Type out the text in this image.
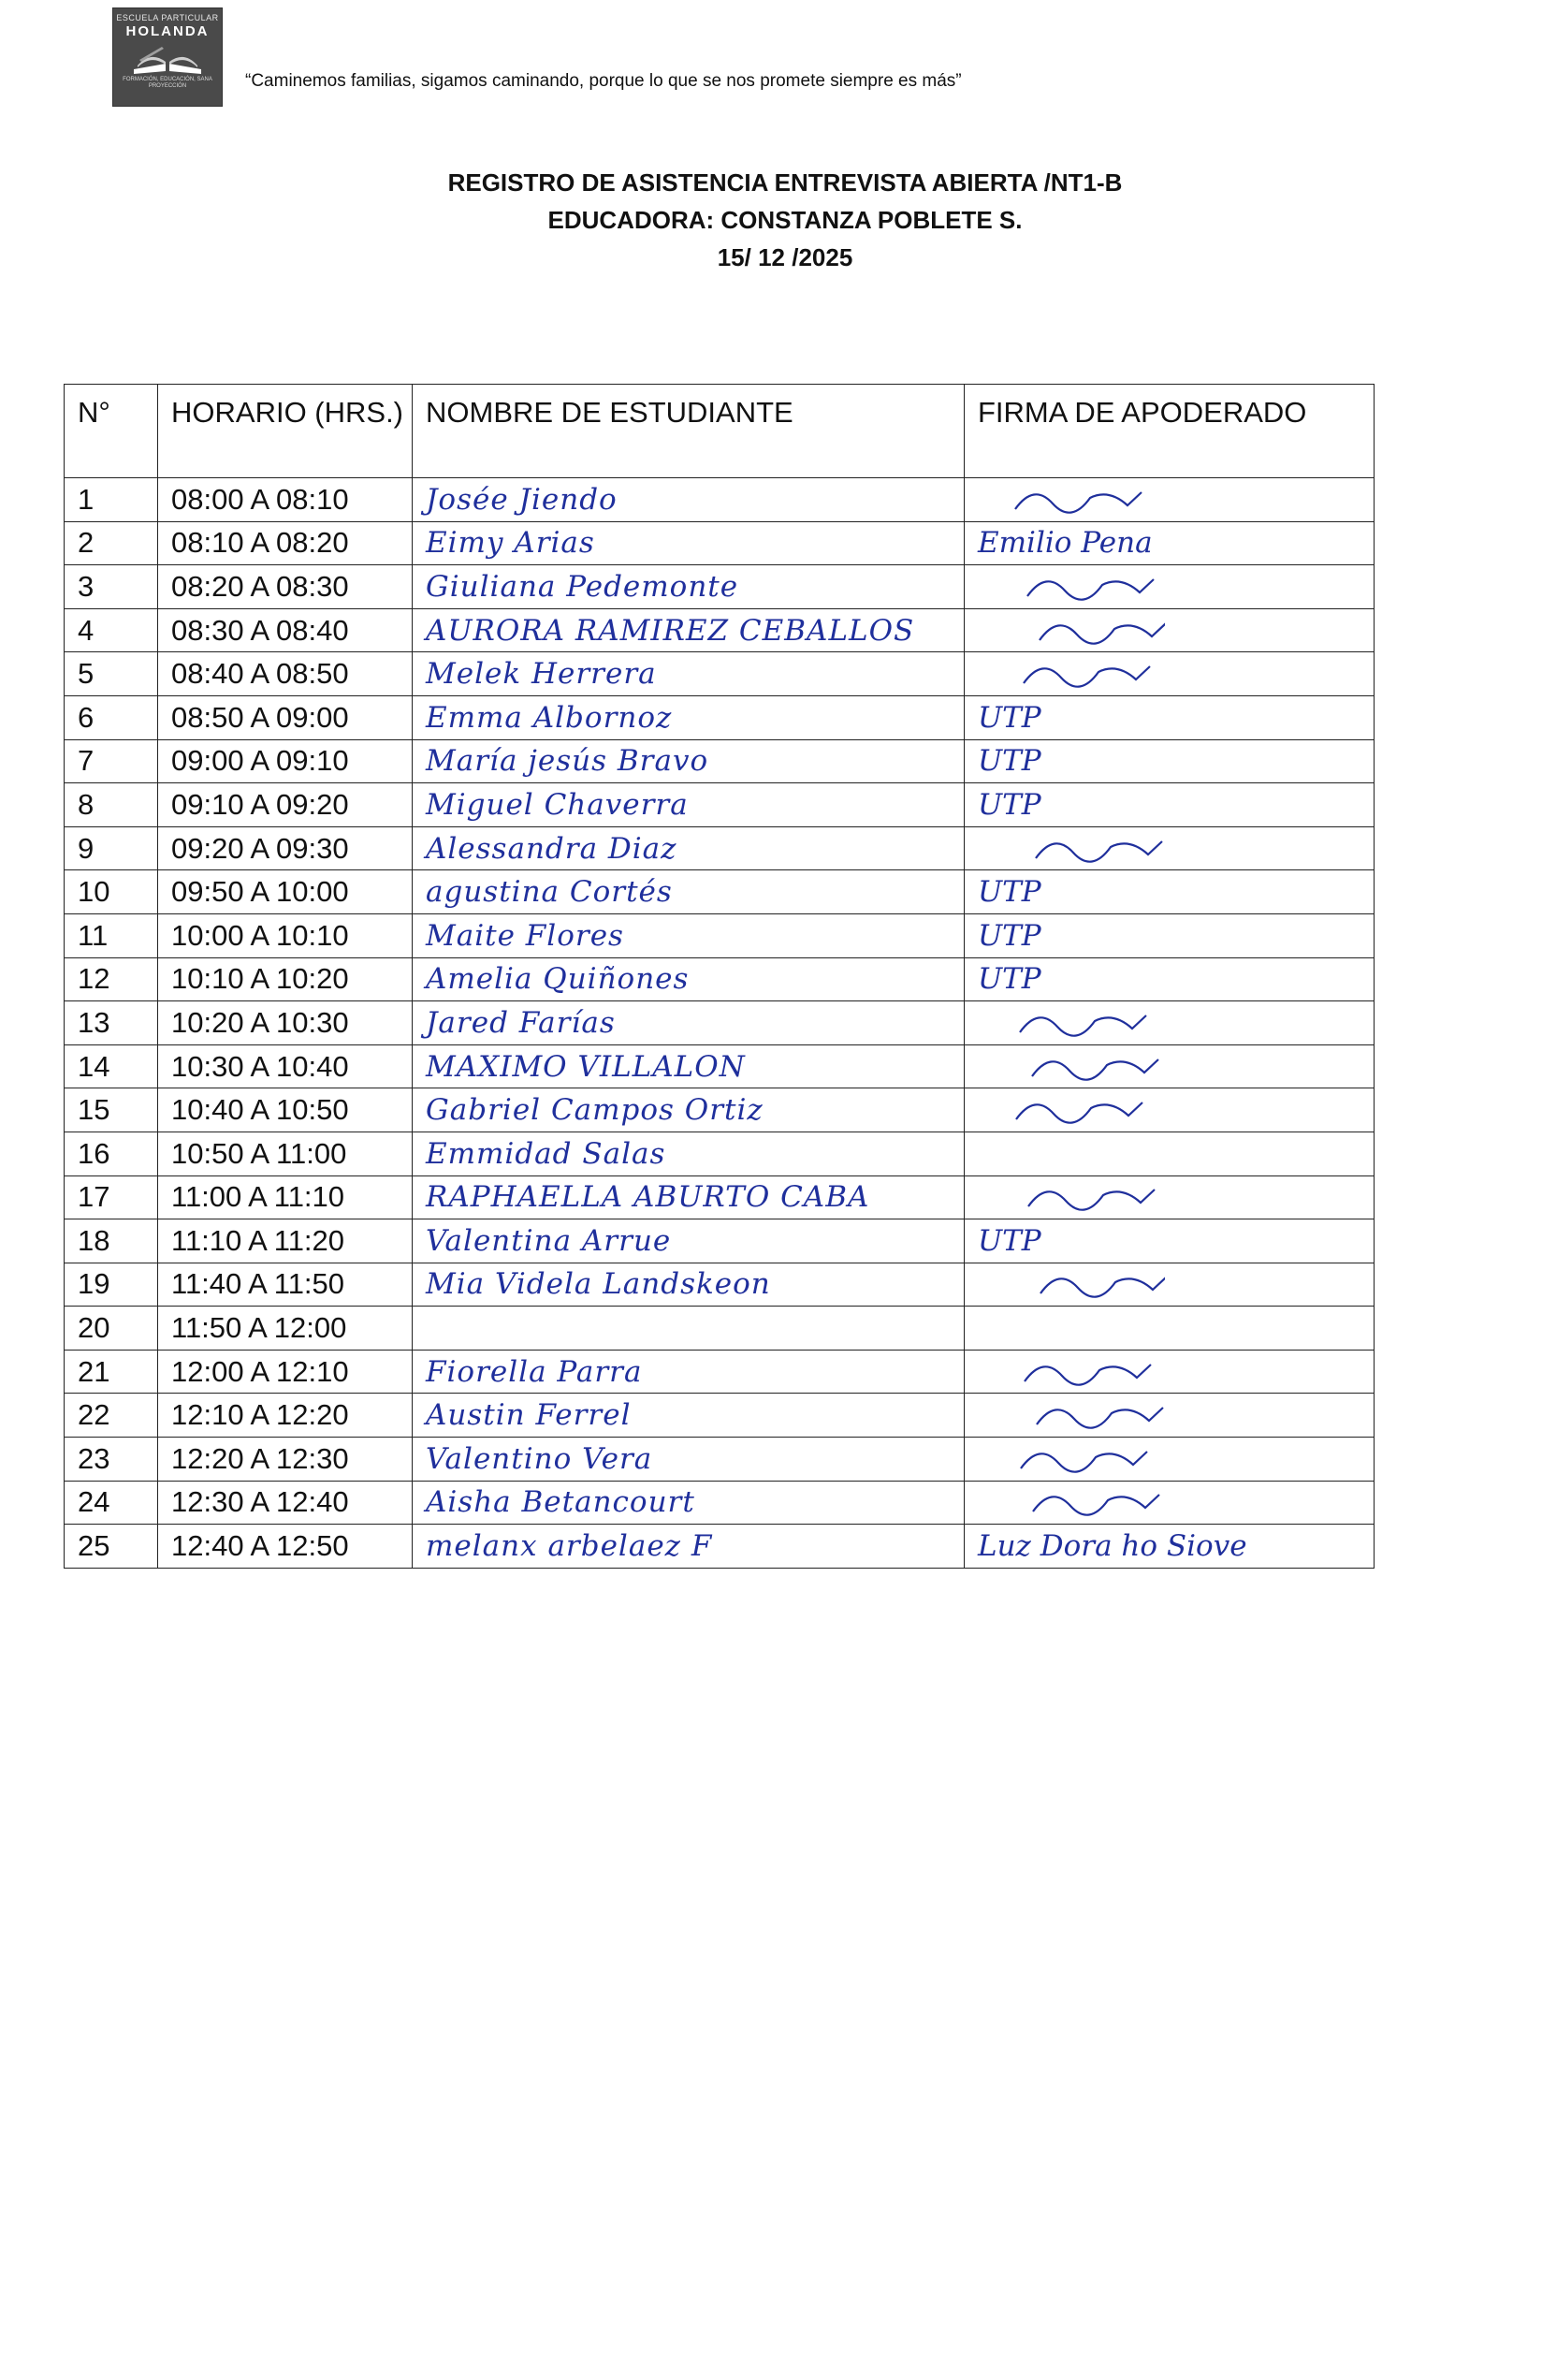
ESCUELA PARTICULAR
HOLANDA
FORMACIÓN, EDUCACIÓN, SANA PROYECCIÓN	“Caminemos familias, sigamos caminando, porque lo que se nos promete siempre es más”
REGISTRO DE ASISTENCIA ENTREVISTA ABIERTA /NT1-B
EDUCADORA: CONSTANZA POBLETE S.
15/ 12 /2025
N°	HORARIO (HRS.)	NOMBRE DE ESTUDIANTE	FIRMA DE APODERADO
1	08:00 A 08:10	Josée Jiendo	

2	08:10 A 08:20	Eimy Arias	Emilio Pena
3	08:20 A 08:30	Giuliana Pedemonte	

4	08:30 A 08:40	AURORA RAMIREZ CEBALLOS	

5	08:40 A 08:50	Melek Herrera	

6	08:50 A 09:00	Emma Albornoz	UTP
7	09:00 A 09:10	María jesús Bravo	UTP
8	09:10 A 09:20	Miguel Chaverra	UTP
9	09:20 A 09:30	Alessandra Diaz	

10	09:50 A 10:00	agustina Cortés	UTP
11	10:00 A 10:10	Maite Flores	UTP
12	10:10 A 10:20	Amelia Quiñones	UTP
13	10:20 A 10:30	Jared Farías	

14	10:30 A 10:40	MAXIMO VILLALON	

15	10:40 A 10:50	Gabriel Campos Ortiz	

16	10:50 A 11:00	Emmidad Salas	
17	11:00 A 11:10	RAPHAELLA ABURTO CABA	

18	11:10 A 11:20	Valentina Arrue	UTP
19	11:40 A 11:50	Mia Videla Landskeon	

20	11:50 A 12:00		
21	12:00 A 12:10	Fiorella Parra	

22	12:10 A 12:20	Austin Ferrel	

23	12:20 A 12:30	Valentino Vera	

24	12:30 A 12:40	Aisha Betancourt	

25	12:40 A 12:50	melanx arbelaez F	Luz Dora ho Siove
